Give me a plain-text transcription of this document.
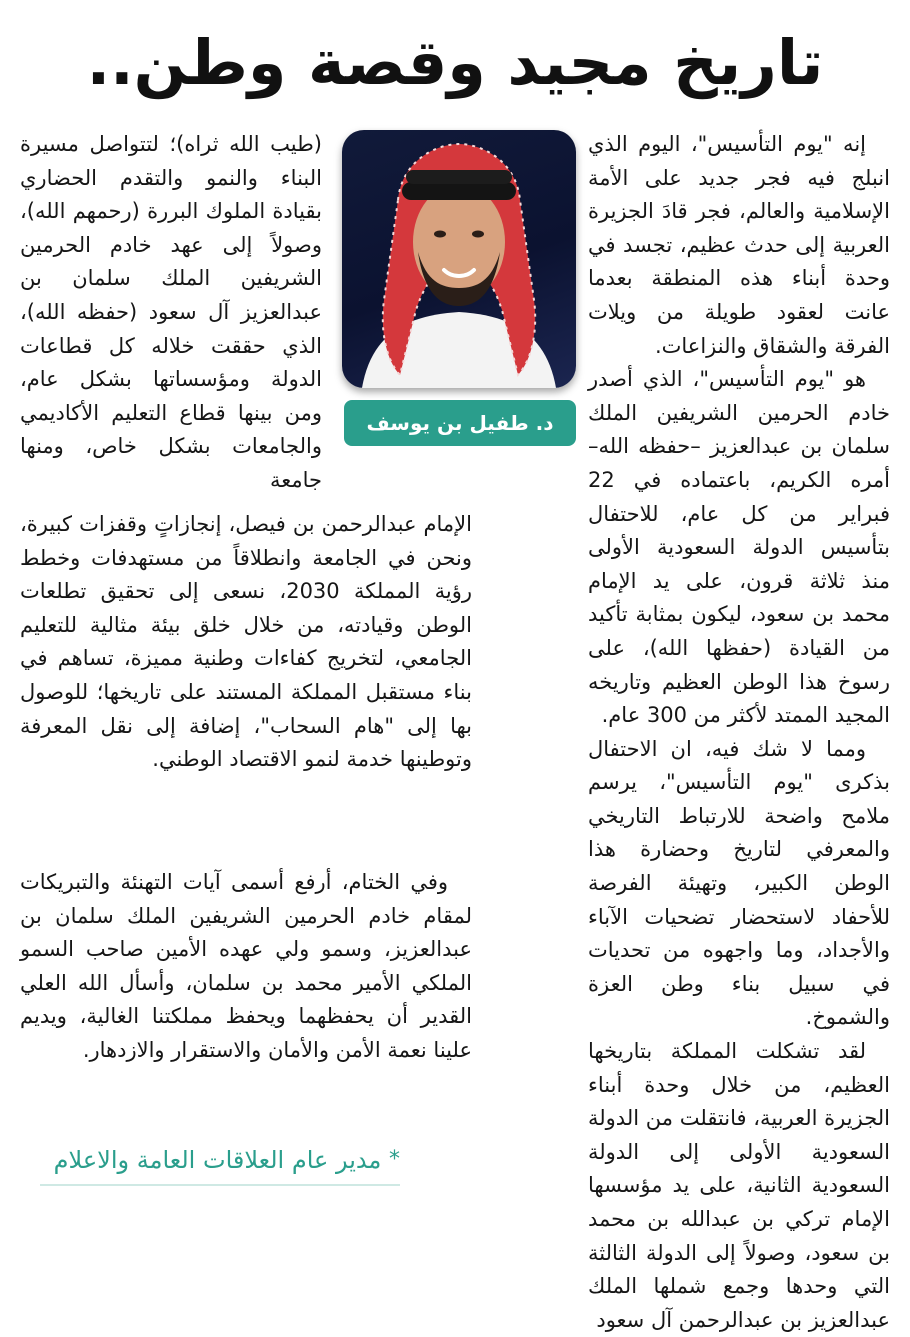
تاريخ مجيد وقصة وطن..

إنه "يوم التأسيس"، اليوم الذي انبلج فيه فجر جديد على الأمة الإسلامية والعالم، فجر قادَ الجزيرة العربية إلى حدث عظيم، تجسد في وحدة أبناء هذه المنطقة بعدما عانت لعقود طويلة من ويلات الفرقة والشقاق والنزاعات.

هو "يوم التأسيس"، الذي أصدر خادم الحرمين الشريفين الملك سلمان بن عبدالعزيز –حفظه الله– أمره الكريم، باعتماده في 22 فبراير من كل عام، للاحتفال بتأسيس الدولة السعودية الأولى منذ ثلاثة قرون، على يد الإمام محمد بن سعود، ليكون بمثابة تأكيد من القيادة (حفظها الله)، على رسوخ هذا الوطن العظيم وتاريخه المجيد الممتد لأكثر من 300 عام.

ومما لا شك فيه، ان الاحتفال بذكرى "يوم التأسيس"، يرسم ملامح واضحة للارتباط التاريخي والمعرفي لتاريخ وحضارة هذا الوطن الكبير، وتهيئة الفرصة للأحفاد لاستحضار تضحيات الآباء والأجداد، وما واجهوه من تحديات في سبيل بناء وطن العزة والشموخ.

لقد تشكلت المملكة بتاريخها العظيم، من خلال وحدة أبناء الجزيرة العربية، فانتقلت من الدولة السعودية الأولى إلى الدولة السعودية الثانية، على يد مؤسسها الإمام تركي بن عبدالله بن محمد بن سعود، وصولاً إلى الدولة الثالثة التي وحدها وجمع شملها الملك عبدالعزيز بن عبدالرحمن آل سعود

د. طفيل بن يوسف اليوسف *

(طيب الله ثراه)؛ لتتواصل مسيرة البناء والنمو والتقدم الحضاري بقيادة الملوك البررة (رحمهم الله)، وصولاً إلى عهد خادم الحرمين الشريفين الملك سلمان بن عبدالعزيز آل سعود (حفظه الله)، الذي حققت خلاله كل قطاعات الدولة ومؤسساتها بشكل عام، ومن بينها قطاع التعليم الأكاديمي والجامعات بشكل خاص، ومنها جامعة

الإمام عبدالرحمن بن فيصل، إنجازاتٍ وقفزات كبيرة، ونحن في الجامعة وانطلاقاً من مستهدفات وخطط رؤية المملكة 2030، نسعى إلى تحقيق تطلعات الوطن وقيادته، من خلال خلق بيئة مثالية للتعليم الجامعي، لتخريج كفاءات وطنية مميزة، تساهم في بناء مستقبل المملكة المستند على تاريخها؛ للوصول بها إلى "هام السحاب"، إضافة إلى نقل المعرفة وتوطينها خدمة لنمو الاقتصاد الوطني.

وفي الختام، أرفع أسمى آيات التهنئة والتبريكات لمقام خادم الحرمين الشريفين الملك سلمان بن عبدالعزيز، وسمو ولي عهده الأمين صاحب السمو الملكي الأمير محمد بن سلمان، وأسأل الله العلي القدير أن يحفظهما ويحفظ مملكتنا الغالية، ويديم علينا نعمة الأمن والأمان والاستقرار والازدهار.

* مدير عام العلاقات العامة والاعلام
